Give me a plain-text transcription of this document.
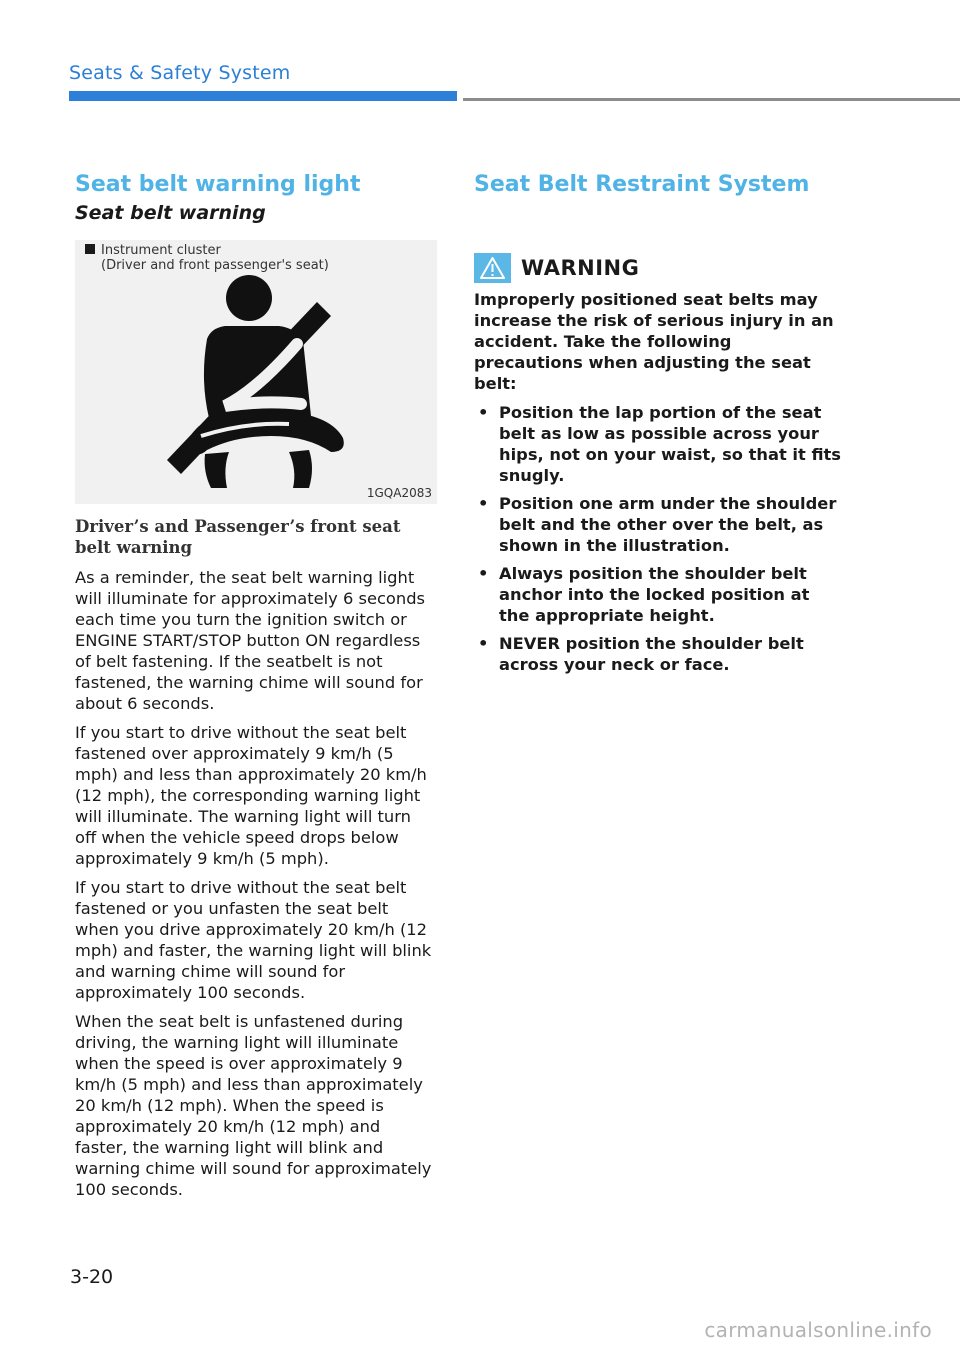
Seats & Safety System
Seat belt warning light
Seat belt warning
Instrument cluster
(Driver and front passenger's seat)
1GQA2083
Driver’s and Passenger’s front seat belt warning

As a reminder, the seat belt warning light will illuminate for approximately 6 seconds each time you turn the ignition switch or ENGINE START/STOP button ON regardless of belt fastening. If the seatbelt is not fastened, the warning chime will sound for about 6 seconds.

If you start to drive without the seat belt fastened over approximately 9 km/h (5 mph) and less than approximately 20 km/h (12 mph), the corresponding warning light will illuminate. The warning light will turn off when the vehicle speed drops below approximately 9 km/h (5 mph).

If you start to drive without the seat belt fastened or you unfasten the seat belt when you drive approximately 20 km/h (12 mph) and faster, the warning light will blink and warning chime will sound for approximately 100 seconds.

When the seat belt is unfastened during driving, the warning light will illuminate when the speed is over approximately 9 km/h (5 mph) and less than approximately 20 km/h (12 mph). When the speed is approximately 20 km/h (12 mph) and faster, the warning light will blink and warning chime will sound for approximately 100 seconds.

Seat Belt Restraint System
WARNING

Improperly positioned seat belts may increase the risk of serious injury in an accident. Take the following precautions when adjusting the seat belt:

• Position the lap portion of the seat belt as low as possible across your hips, not on your waist, so that it fits snugly.
• Position one arm under the shoulder belt and the other over the belt, as shown in the illustration.
• Always position the shoulder belt anchor into the locked position at the appropriate height.
• NEVER position the shoulder belt across your neck or face.
3-20
carmanualsonline.info
